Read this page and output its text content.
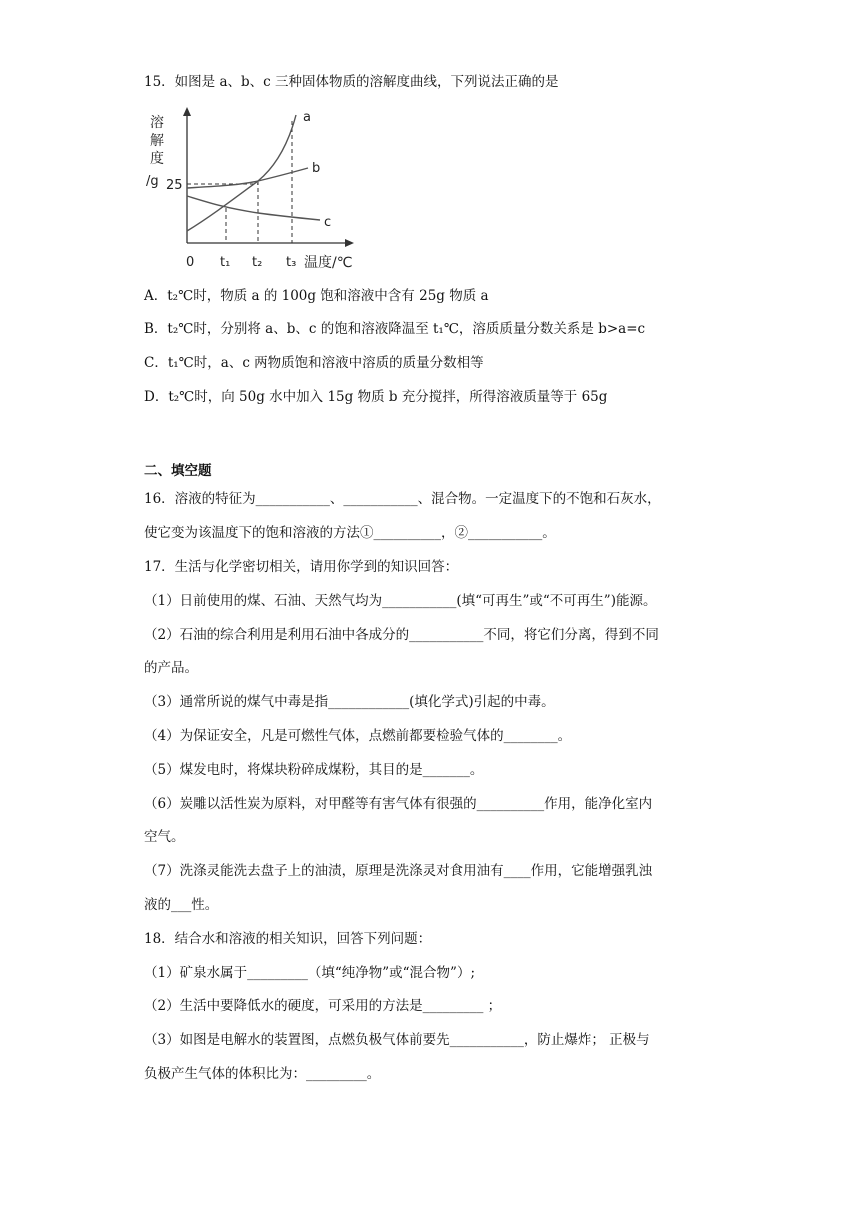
15．如图是 a、b、c 三种固体物质的溶解度曲线，下列说法正确的是
溶
解
度
/g
a
b
c
25
0 t₁ t₂ t₃ 温度/℃
A．t₂℃时，物质 a 的 100g 饱和溶液中含有 25g 物质 a
B．t₂℃时，分别将 a、b、c 的饱和溶液降温至 t₁℃，溶质质量分数关系是 b>a=c
C．t₁℃时，a、c 两物质饱和溶液中溶质的质量分数相等
D．t₂℃时，向 50g 水中加入 15g 物质 b 充分搅拌，所得溶液质量等于 65g
二、填空题
16．溶液的特征为___________、___________、混合物。一定温度下的不饱和石灰水，
使它变为该温度下的饱和溶液的方法①__________，②___________。
17．生活与化学密切相关，请用你学到的知识回答：
（1）日前使用的煤、石油、天然气均为___________(填“可再生”或“不可再生”)能源。
（2）石油的综合利用是利用石油中各成分的___________不同，将它们分离，得到不同
的产品。
（3）通常所说的煤气中毒是指____________(填化学式)引起的中毒。
（4）为保证安全，凡是可燃性气体，点燃前都要检验气体的________。
（5）煤发电时，将煤块粉碎成煤粉，其目的是_______。
（6）炭雕以活性炭为原料，对甲醛等有害气体有很强的__________作用，能净化室内
空气。
（7）洗涤灵能洗去盘子上的油渍，原理是洗涤灵对食用油有____作用，它能增强乳浊
液的___性。
18．结合水和溶液的相关知识，回答下列问题：
（1）矿泉水属于_________（填“纯净物”或“混合物”）;
（2）生活中要降低水的硬度，可采用的方法是_________ ；
（3）如图是电解水的装置图，点燃负极气体前要先___________，防止爆炸； 正极与
负极产生气体的体积比为：_________。
